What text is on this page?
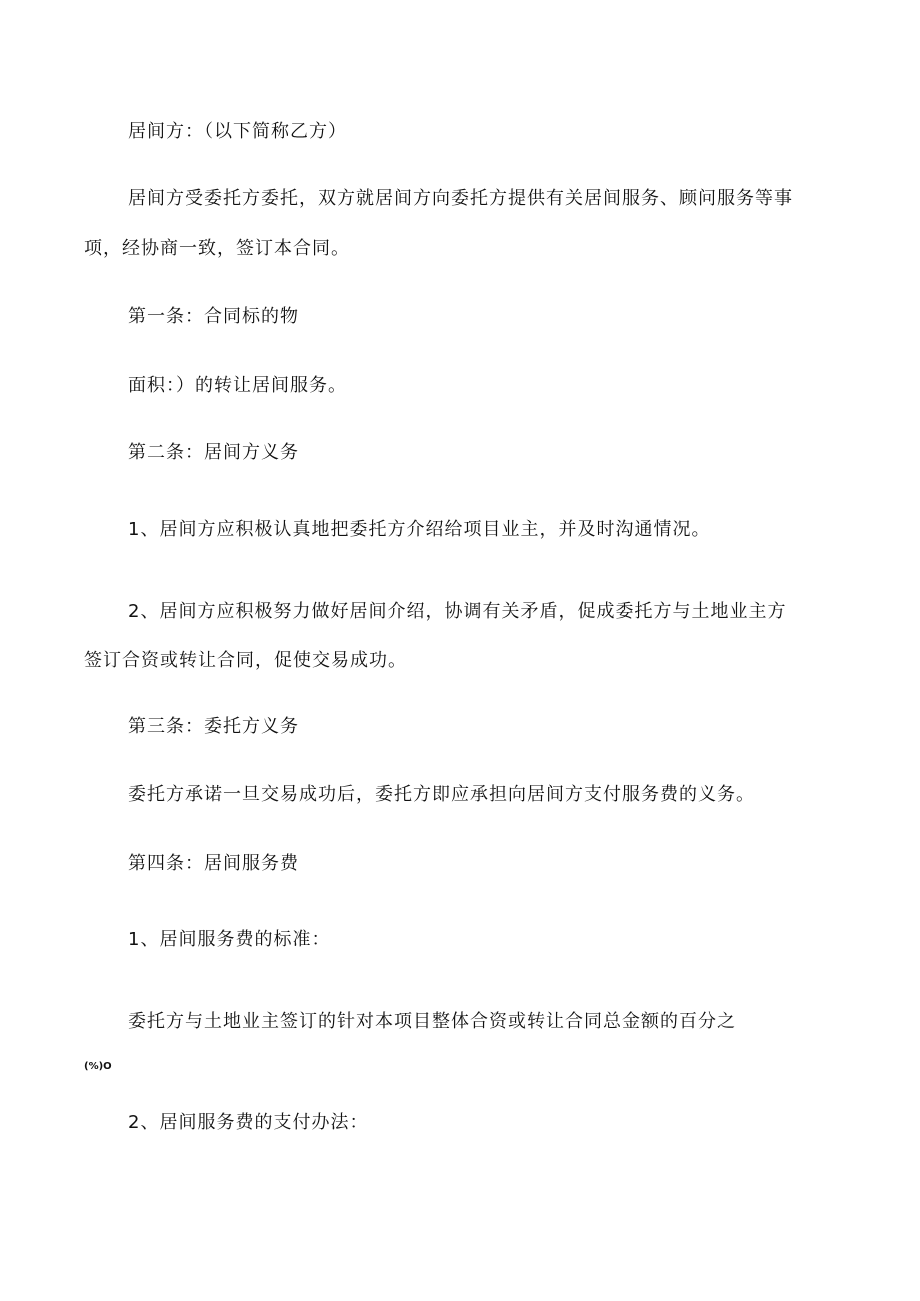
居间方：（以下简称乙方）
居间方受委托方委托，双方就居间方向委托方提供有关居间服务、顾问服务等事
项，经协商一致，签订本合同。
第一条：合同标的物
面积：）的转让居间服务。
第二条：居间方义务
1、居间方应积极认真地把委托方介绍给项目业主，并及时沟通情况。
2、居间方应积极努力做好居间介绍，协调有关矛盾，促成委托方与土地业主方
签订合资或转让合同，促使交易成功。
第三条：委托方义务
委托方承诺一旦交易成功后，委托方即应承担向居间方支付服务费的义务。
第四条：居间服务费
1、居间服务费的标准：
委托方与土地业主签订的针对本项目整体合资或转让合同总金额的百分之
(%)O
2、居间服务费的支付办法：
